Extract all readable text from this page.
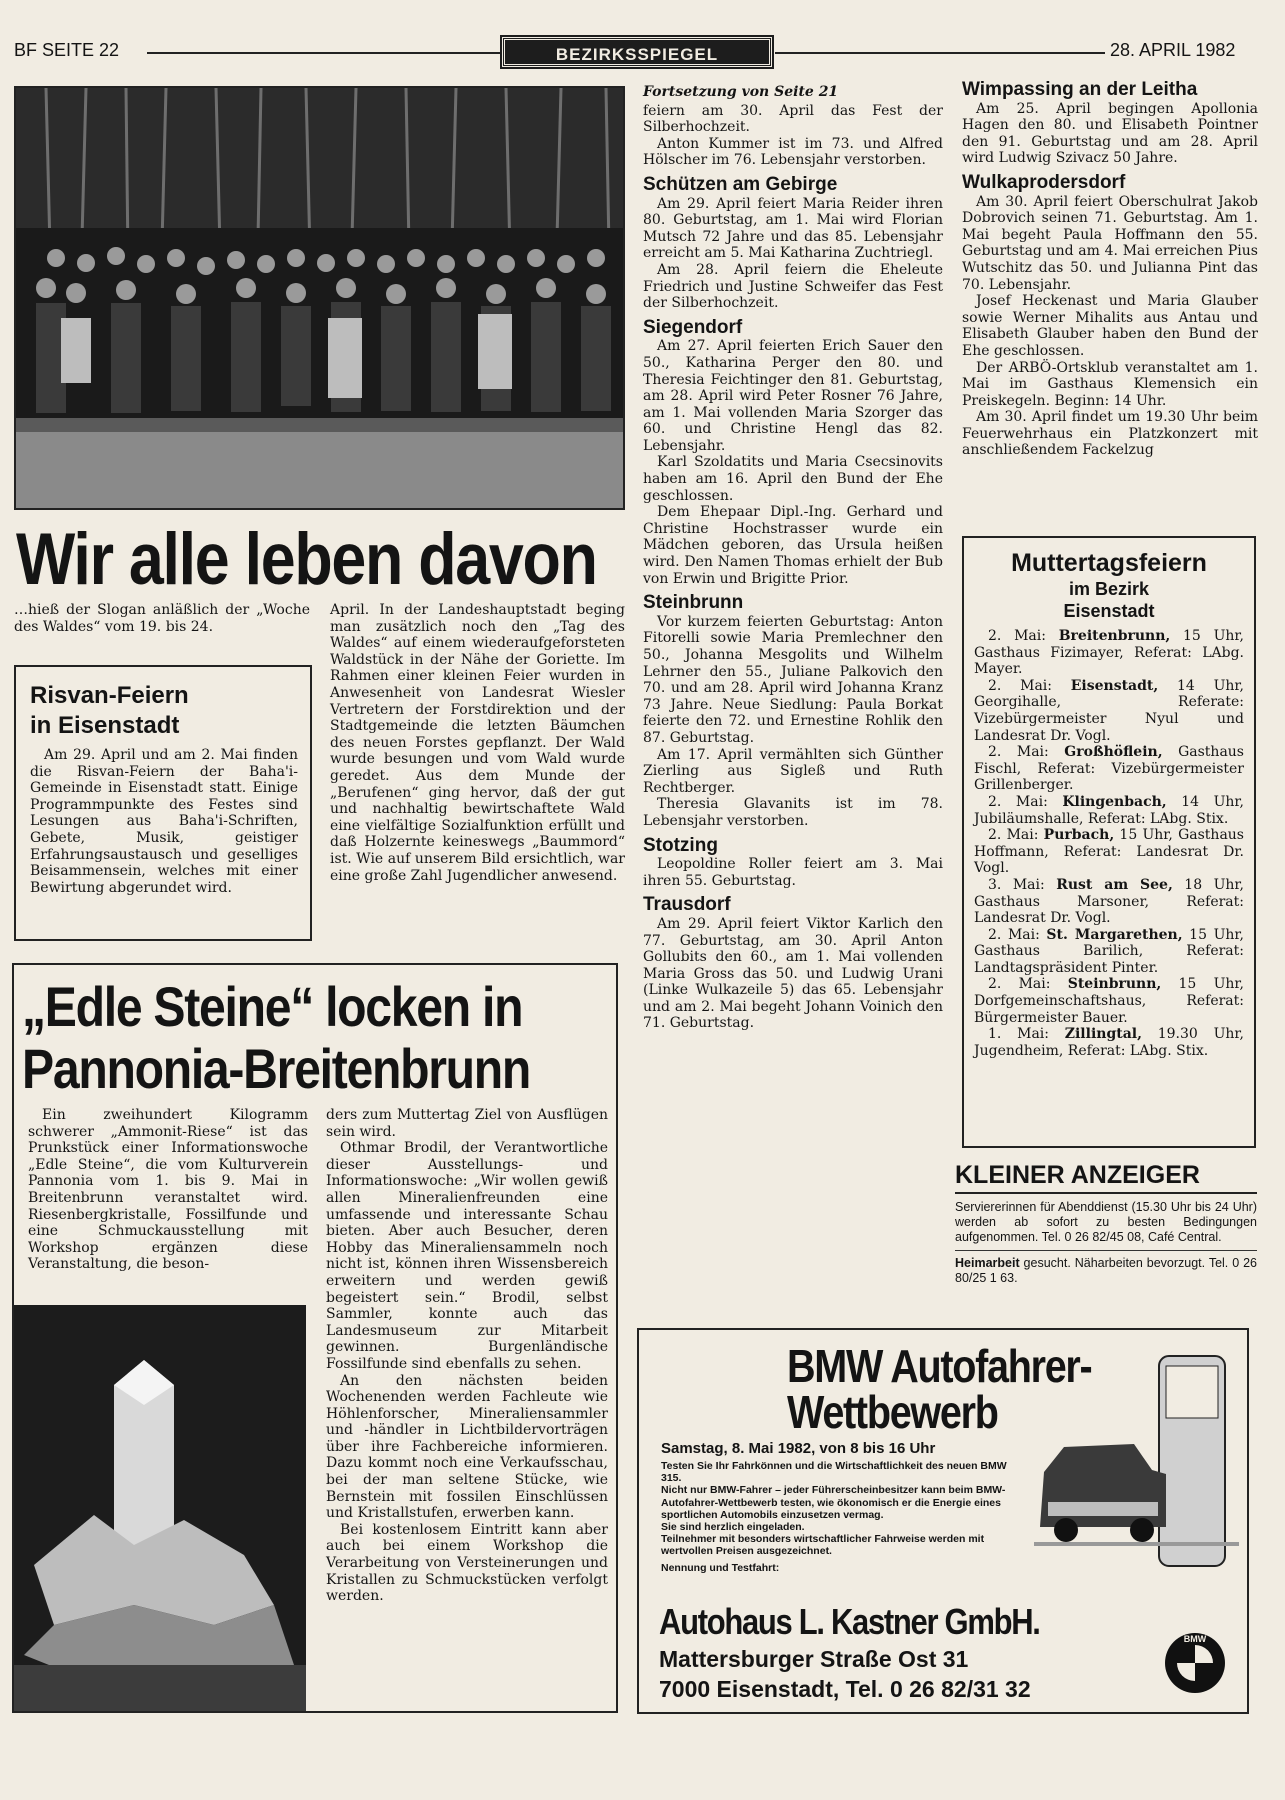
BF SEITE 22	BEZIRKSSPIEGEL	28. APRIL 1982
Wir alle leben davon

…hieß der Slogan anläßlich der „Woche des Waldes“ vom 19. bis 24.

April. In der Landeshauptstadt beging man zusätzlich noch den „Tag des Waldes“ auf einem wiederaufgeforsteten Waldstück in der Nähe der Goriette. Im Rahmen einer kleinen Feier wurden in Anwesenheit von Landesrat Wiesler Vertretern der Forstdirektion und der Stadtgemeinde die letzten Bäumchen des neuen Forstes gepflanzt. Der Wald wurde besungen und vom Wald wurde geredet. Aus dem Munde der „Berufenen“ ging hervor, daß der gut und nachhaltig bewirtschaftete Wald eine vielfältige Sozialfunktion erfüllt und daß Holzernte keineswegs „Baummord“ ist. Wie auf unserem Bild ersichtlich, war eine große Zahl Jugendlicher anwesend.

Risvan-Feiern
in Eisenstadt

Am 29. April und am 2. Mai finden die Risvan-Feiern der Baha'i-Gemeinde in Eisenstadt statt. Einige Programmpunkte des Festes sind Lesungen aus Baha'i-Schriften, Gebete, Musik, geistiger Erfahrungsaustausch und geselliges Beisammensein, welches mit einer Bewirtung abgerundet wird.

„Edle Steine“ locken in
Pannonia-Breitenbrunn

Ein zweihundert Kilogramm schwerer „Ammonit-Riese“ ist das Prunkstück einer Informationswoche „Edle Steine“, die vom Kulturverein Pannonia vom 1. bis 9. Mai in Breitenbrunn veranstaltet wird. Riesenbergkristalle, Fossilfunde und eine Schmuckausstellung mit Workshop ergänzen diese Veranstaltung, die beson-

ders zum Muttertag Ziel von Ausflügen sein wird.

Othmar Brodil, der Verantwortliche dieser Ausstellungs- und Informationswoche: „Wir wollen gewiß allen Mineralienfreunden eine umfassende und interessante Schau bieten. Aber auch Besucher, deren Hobby das Mineraliensammeln noch nicht ist, können ihren Wissensbereich erweitern und werden gewiß begeistert sein.“ Brodil, selbst Sammler, konnte auch das Landesmuseum zur Mitarbeit gewinnen. Burgenländische Fossilfunde sind ebenfalls zu sehen.

An den nächsten beiden Wochenenden werden Fachleute wie Höhlenforscher, Mineraliensammler und -händler in Lichtbildervorträgen über ihre Fachbereiche informieren. Dazu kommt noch eine Verkaufsschau, bei der man seltene Stücke, wie Bernstein mit fossilen Einschlüssen und Kristallstufen, erwerben kann.

Bei kostenlosem Eintritt kann aber auch bei einem Workshop die Verarbeitung von Versteinerungen und Kristallen zu Schmuckstücken verfolgt werden.

Fortsetzung von Seite 21

feiern am 30. April das Fest der Silberhochzeit.

Anton Kummer ist im 73. und Alfred Hölscher im 76. Lebensjahr verstorben.

Schützen am Gebirge

Am 29. April feiert Maria Reider ihren 80. Geburtstag, am 1. Mai wird Florian Mutsch 72 Jahre und das 85. Lebensjahr erreicht am 5. Mai Katharina Zuchtriegl.

Am 28. April feiern die Eheleute Friedrich und Justine Schweifer das Fest der Silberhochzeit.

Siegendorf

Am 27. April feierten Erich Sauer den 50., Katharina Perger den 80. und Theresia Feichtinger den 81. Geburtstag, am 28. April wird Peter Rosner 76 Jahre, am 1. Mai vollenden Maria Szorger das 60. und Christine Hengl das 82. Lebensjahr.

Karl Szoldatits und Maria Csecsinovits haben am 16. April den Bund der Ehe geschlossen.

Dem Ehepaar Dipl.-Ing. Gerhard und Christine Hochstrasser wurde ein Mädchen geboren, das Ursula heißen wird. Den Namen Thomas erhielt der Bub von Erwin und Brigitte Prior.

Steinbrunn

Vor kurzem feierten Geburtstag: Anton Fitorelli sowie Maria Premlechner den 50., Johanna Mesgolits und Wilhelm Lehrner den 55., Juliane Palkovich den 70. und am 28. April wird Johanna Kranz 73 Jahre. Neue Siedlung: Paula Borkat feierte den 72. und Ernestine Rohlik den 87. Geburtstag.

Am 17. April vermählten sich Günther Zierling aus Sigleß und Ruth Rechtberger.

Theresia Glavanits ist im 78. Lebensjahr verstorben.

Stotzing

Leopoldine Roller feiert am 3. Mai ihren 55. Geburtstag.

Trausdorf

Am 29. April feiert Viktor Karlich den 77. Geburtstag, am 30. April Anton Gollubits den 60., am 1. Mai vollenden Maria Gross das 50. und Ludwig Urani (Linke Wulkazeile 5) das 65. Lebensjahr und am 2. Mai begeht Johann Voinich den 71. Geburtstag.

Wimpassing an der Leitha

Am 25. April begingen Apollonia Hagen den 80. und Elisabeth Pointner den 91. Geburtstag und am 28. April wird Ludwig Szivacz 50 Jahre.

Wulkaprodersdorf

Am 30. April feiert Oberschulrat Jakob Dobrovich seinen 71. Geburtstag. Am 1. Mai begeht Paula Hoffmann den 55. Geburtstag und am 4. Mai erreichen Pius Wutschitz das 50. und Julianna Pint das 70. Lebensjahr.

Josef Heckenast und Maria Glauber sowie Werner Mihalits aus Antau und Elisabeth Glauber haben den Bund der Ehe geschlossen.

Der ARBÖ-Ortsklub veranstaltet am 1. Mai im Gasthaus Klemensich ein Preiskegeln. Beginn: 14 Uhr.

Am 30. April findet um 19.30 Uhr beim Feuerwehrhaus ein Platzkonzert mit anschließendem Fackelzug

Muttertagsfeiern
im Bezirk
Eisenstadt

2. Mai: Breitenbrunn, 15 Uhr, Gasthaus Fizimayer, Referat: LAbg. Mayer.

2. Mai: Eisenstadt, 14 Uhr, Georgihalle, Referate: Vizebürgermeister Nyul und Landesrat Dr. Vogl.

2. Mai: Großhöflein, Gasthaus Fischl, Referat: Vizebürgermeister Grillenberger.

2. Mai: Klingenbach, 14 Uhr, Jubiläumshalle, Referat: LAbg. Stix.

2. Mai: Purbach, 15 Uhr, Gasthaus Hoffmann, Referat: Landesrat Dr. Vogl.

3. Mai: Rust am See, 18 Uhr, Gasthaus Marsoner, Referat: Landesrat Dr. Vogl.

2. Mai: St. Margarethen, 15 Uhr, Gasthaus Barilich, Referat: Landtagspräsident Pinter.

2. Mai: Steinbrunn, 15 Uhr, Dorfgemeinschaftshaus, Referat: Bürgermeister Bauer.

1. Mai: Zillingtal, 19.30 Uhr, Jugendheim, Referat: LAbg. Stix.

KLEINER ANZEIGER
Serviererinnen für Abenddienst (15.30 Uhr bis 24 Uhr) werden ab sofort zu besten Bedingungen aufgenommen. Tel. 0 26 82/45 08, Café Central.
Heimarbeit gesucht. Näharbeiten bevorzugt. Tel. 0 26 80/25 1 63.
BMW Autofahrer-
Wettbewerb
Samstag, 8. Mai 1982, von 8 bis 16 Uhr
Testen Sie Ihr Fahrkönnen und die Wirtschaftlichkeit des neuen BMW 315.
Nicht nur BMW-Fahrer – jeder Führerscheinbesitzer kann beim BMW-Autofahrer-Wettbewerb testen, wie ökonomisch er die Energie eines sportlichen Automobils einzusetzen vermag.
Sie sind herzlich eingeladen.
Teilnehmer mit besonders wirtschaftlicher Fahrweise werden mit wertvollen Preisen ausgezeichnet.
Nennung und Testfahrt:
Autohaus L. Kastner GmbH.
Mattersburger Straße Ost 31
7000 Eisenstadt, Tel. 0 26 82/31 32
BMW
